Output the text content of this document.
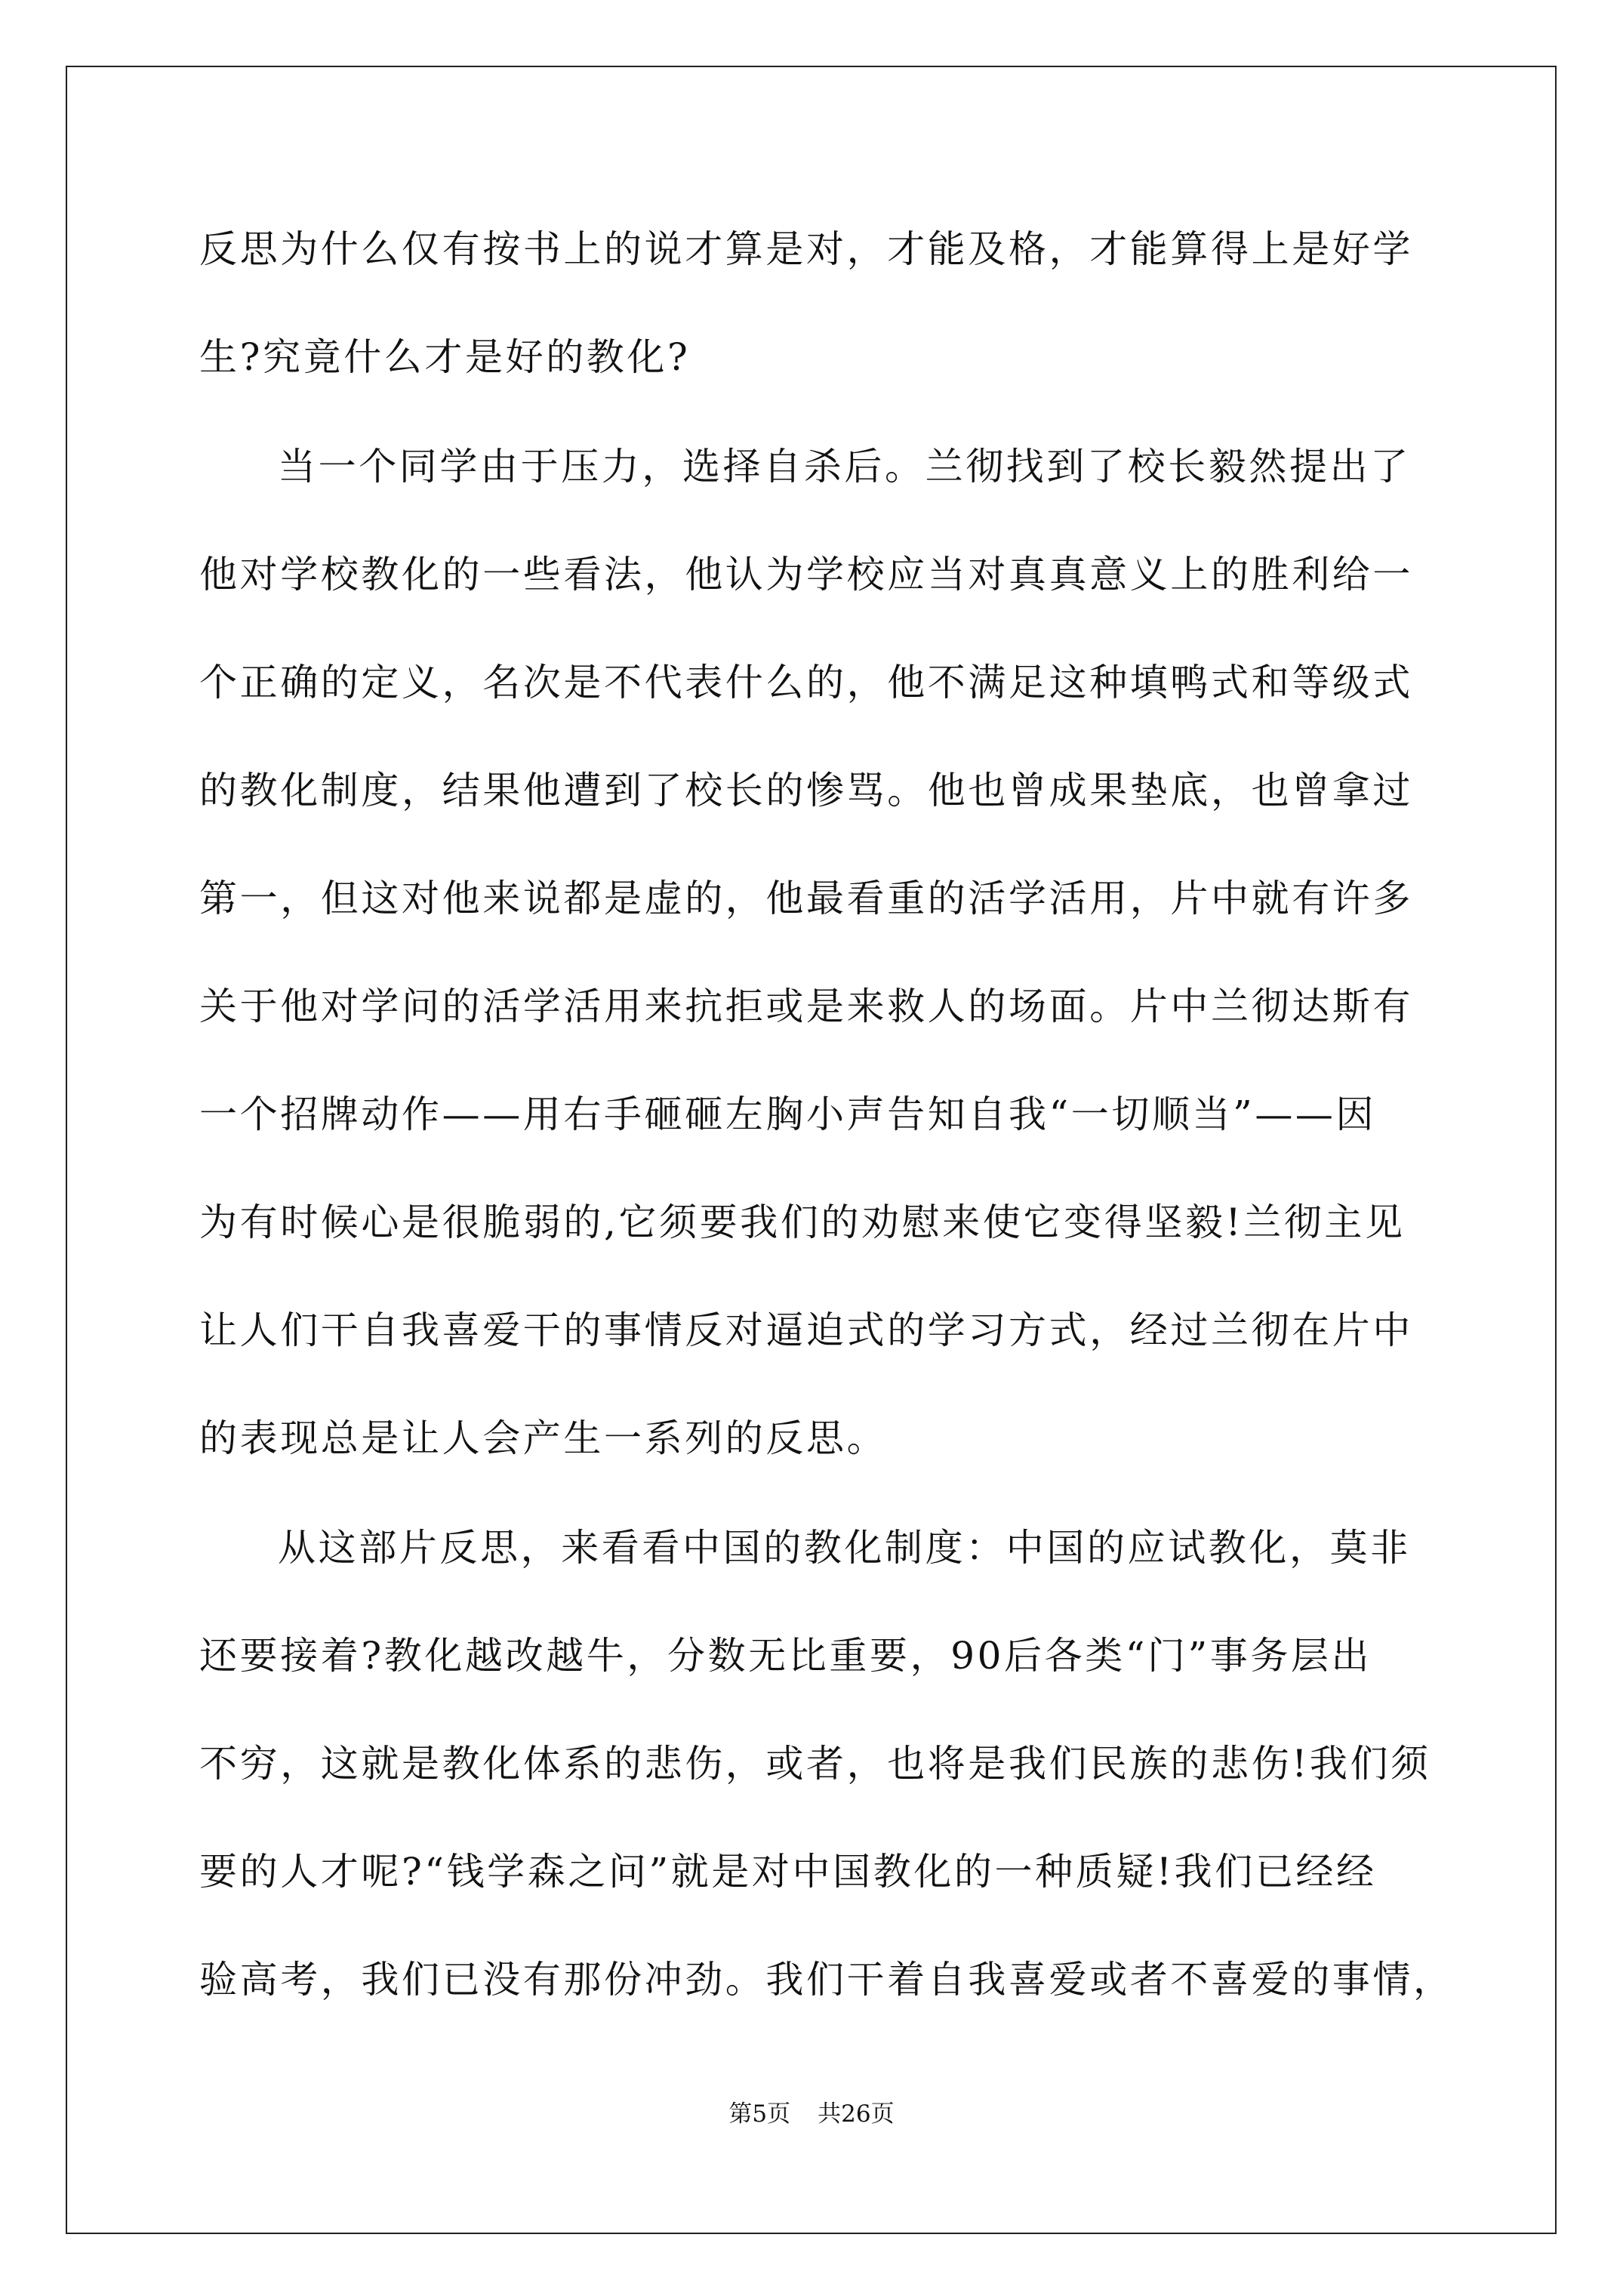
反思为什么仅有按书上的说才算是对，才能及格，才能算得上是好学

生?究竟什么才是好的教化?

当一个同学由于压力，选择自杀后。兰彻找到了校长毅然提出了

他对学校教化的一些看法，他认为学校应当对真真意义上的胜利给一

个正确的定义，名次是不代表什么的，他不满足这种填鸭式和等级式

的教化制度，结果他遭到了校长的惨骂。他也曾成果垫底，也曾拿过

第一，但这对他来说都是虚的，他最看重的活学活用，片中就有许多

关于他对学问的活学活用来抗拒或是来救人的场面。片中兰彻达斯有

一个招牌动作——用右手砸砸左胸小声告知自我“一切顺当”——因

为有时候心是很脆弱的,它须要我们的劝慰来使它变得坚毅!兰彻主见

让人们干自我喜爱干的事情反对逼迫式的学习方式，经过兰彻在片中

的表现总是让人会产生一系列的反思。

从这部片反思，来看看中国的教化制度：中国的应试教化，莫非

还要接着?教化越改越牛，分数无比重要，90后各类“门”事务层出

不穷，这就是教化体系的悲伤，或者，也将是我们民族的悲伤!我们须

要的人才呢?“钱学森之问”就是对中国教化的一种质疑!我们已经经

验高考，我们已没有那份冲劲。我们干着自我喜爱或者不喜爱的事情，

第5页 共26页
